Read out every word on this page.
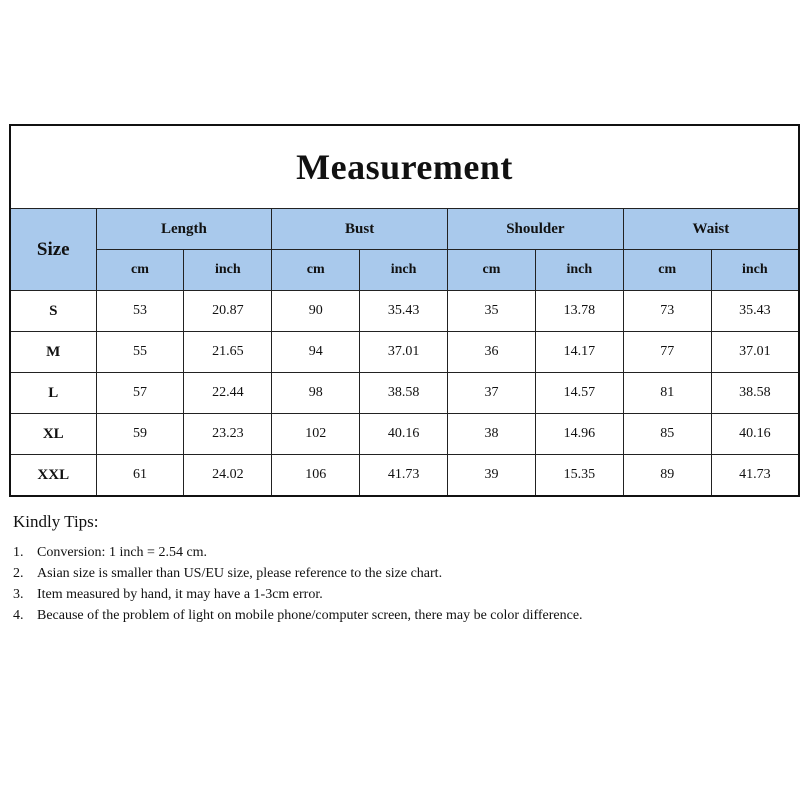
Measurement								
Size	Length		Bust		Shoulder		Waist	
	cm	inch	cm	inch	cm	inch	cm	inch
S	53	20.87	90	35.43	35	13.78	73	35.43
M	55	21.65	94	37.01	36	14.17	77	37.01
L	57	22.44	98	38.58	37	14.57	81	38.58
XL	59	23.23	102	40.16	38	14.96	85	40.16
XXL	61	24.02	106	41.73	39	15.35	89	41.73
Kindly Tips:
1. Conversion: 1 inch = 2.54 cm.
2. Asian size is smaller than US/EU size, please reference to the size chart.
3. Item measured by hand, it may have a 1-3cm error.
4. Because of the problem of light on mobile phone/computer screen, there may be color difference.
